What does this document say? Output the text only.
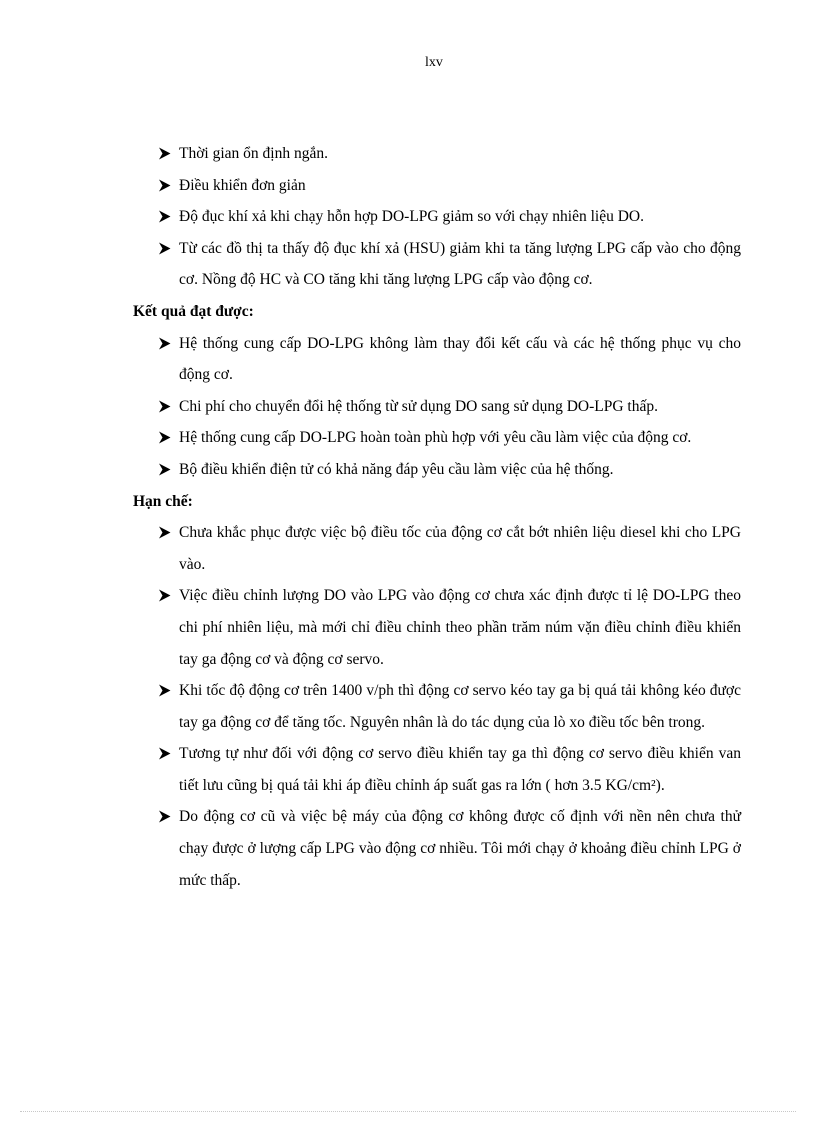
lxv
Thời gian ổn định ngắn.
Điều khiển đơn giản
Độ đục khí xả khi chạy hỗn hợp DO-LPG giảm so với chạy nhiên liệu DO.
Từ các đồ thị ta thấy độ đục khí xả (HSU) giảm khi ta tăng lượng LPG cấp vào cho động cơ. Nồng độ HC và CO tăng khi tăng lượng LPG cấp vào động cơ.
Kết quả đạt được:
Hệ thống cung cấp DO-LPG không làm thay đổi kết cấu và các hệ thống phục vụ cho động cơ.
Chi phí cho chuyển đổi hệ thống từ sử dụng DO sang sử dụng DO-LPG thấp.
Hệ thống cung cấp DO-LPG hoàn toàn phù hợp với yêu cầu làm việc của động cơ.
Bộ điều khiển điện tử có khả năng đáp yêu cầu làm việc của hệ thống.
Hạn chế:
Chưa khắc phục được việc bộ điều tốc của động cơ cắt bớt nhiên liệu diesel khi cho LPG vào.
Việc điều chỉnh lượng DO vào LPG vào động cơ chưa xác định được tỉ lệ DO-LPG theo chi phí nhiên liệu, mà mới chỉ điều chỉnh theo phần trăm núm vặn điều chỉnh điều khiển tay ga động cơ và động cơ servo.
Khi tốc độ động cơ trên 1400 v/ph thì động cơ servo kéo tay ga bị quá tải không kéo được tay ga động cơ để tăng tốc. Nguyên nhân là do tác dụng của lò xo điều tốc bên trong.
Tương tự như đối với động cơ servo điều khiển tay ga thì động cơ servo điều khiển van tiết lưu cũng bị quá tải khi áp điều chỉnh áp suất gas ra lớn ( hơn 3.5 KG/cm²).
Do động cơ cũ và việc bệ máy của động cơ không được cố định với nền nên chưa thử chạy được ở lượng cấp LPG vào động cơ nhiều. Tôi mới chạy ở khoảng điều chỉnh LPG ở mức thấp.
